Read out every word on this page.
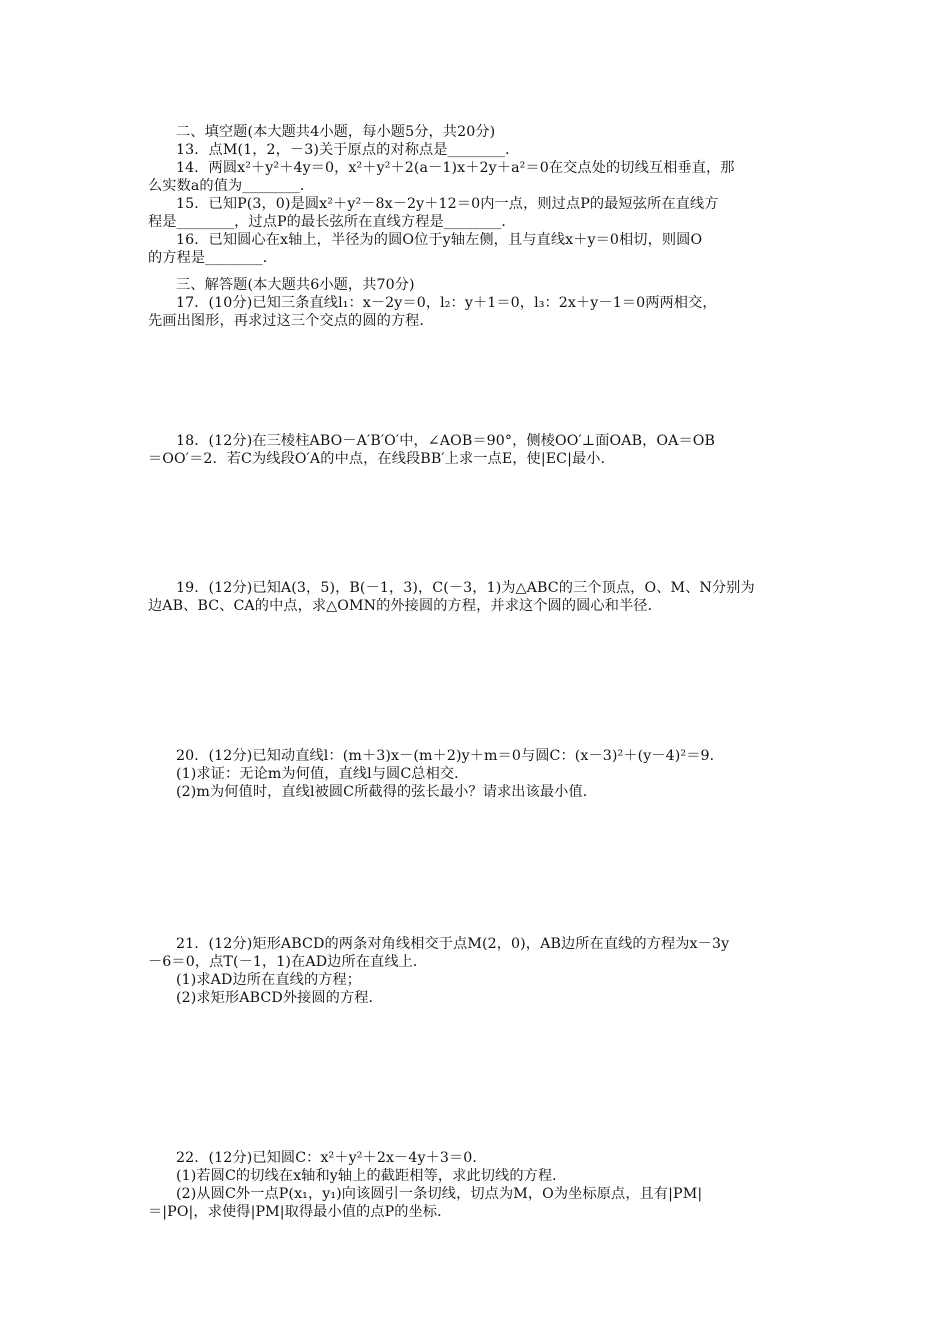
二、填空题(本大题共4小题，每小题5分，共20分)
13．点M(1，2，－3)关于原点的对称点是________．
14．两圆x²＋y²＋4y＝0，x²＋y²＋2(a－1)x＋2y＋a²＝0在交点处的切线互相垂直，那
么实数a的值为________．
15．已知P(3，0)是圆x²＋y²－8x－2y＋12＝0内一点，则过点P的最短弦所在直线方
程是________，过点P的最长弦所在直线方程是________．
16．已知圆心在x轴上，半径为的圆O位于y轴左侧，且与直线x＋y＝0相切，则圆O
的方程是________．
三、解答题(本大题共6小题，共70分)
17．(10分)已知三条直线l₁：x－2y＝0，l₂：y＋1＝0，l₃：2x＋y－1＝0两两相交，
先画出图形，再求过这三个交点的圆的方程．
18．(12分)在三棱柱ABO－A′B′O′中，∠AOB＝90°，侧棱OO′⊥面OAB，OA＝OB
＝OO′＝2．若C为线段O′A的中点，在线段BB′上求一点E，使|EC|最小．
19．(12分)已知A(3，5)，B(－1，3)，C(－3，1)为△ABC的三个顶点，O、M、N分别为
边AB、BC、CA的中点，求△OMN的外接圆的方程，并求这个圆的圆心和半径．
20．(12分)已知动直线l：(m＋3)x－(m＋2)y＋m＝0与圆C：(x－3)²＋(y－4)²＝9．
(1)求证：无论m为何值，直线l与圆C总相交．
(2)m为何值时，直线l被圆C所截得的弦长最小？请求出该最小值．
21．(12分)矩形ABCD的两条对角线相交于点M(2，0)，AB边所在直线的方程为x－3y
－6＝0，点T(－1，1)在AD边所在直线上．
(1)求AD边所在直线的方程；
(2)求矩形ABCD外接圆的方程．
22．(12分)已知圆C：x²＋y²＋2x－4y＋3＝0．
(1)若圆C的切线在x轴和y轴上的截距相等，求此切线的方程．
(2)从圆C外一点P(x₁，y₁)向该圆引一条切线，切点为M，O为坐标原点，且有|PM|
＝|PO|，求使得|PM|取得最小值的点P的坐标．
